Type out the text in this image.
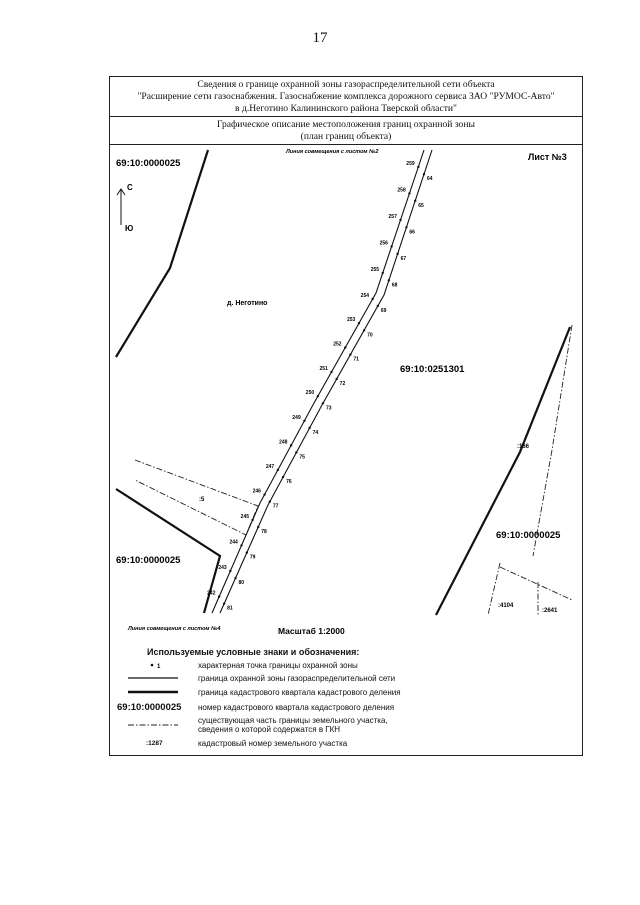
17
Сведения о границе охранной зоны газораспределительной сети объекта
"Расширение сети газоснабжения. Газоснабжение комплекса дорожного сервиса ЗАО "РУМОС-Авто"
в д.Неготино Калининского района Тверской области"
Графическое описание местоположения границ охранной зоны
(план границ объекта)
С
Ю
Линия совмещения с листом №2	Лист №3
69:10:0000025
д. Неготино
69:10:0251301
:166
69:10:0000025
:4104
:2641
:5
69:10:0000025
Линия совмещения с листом №4	Масштаб 1:2000
259
64
258
65
257
66
256
67
255
68
254
69
253
70
252
71
251
72
250
73
249
74
248
75
247
76
246
77
245
78
244
79
243
80
242
81
1
Используемые условные знаки и обозначения:
характерная точка границы охранной зоны
граница охранной зоны газораспределительной сети
граница кадастрового квартала кадастрового деления
69:10:0000025 номер кадастрового квартала кадастрового деления
существующая часть границы земельного участка,
сведения о которой содержатся в ГКН
:1287	кадастровый номер земельного участка
